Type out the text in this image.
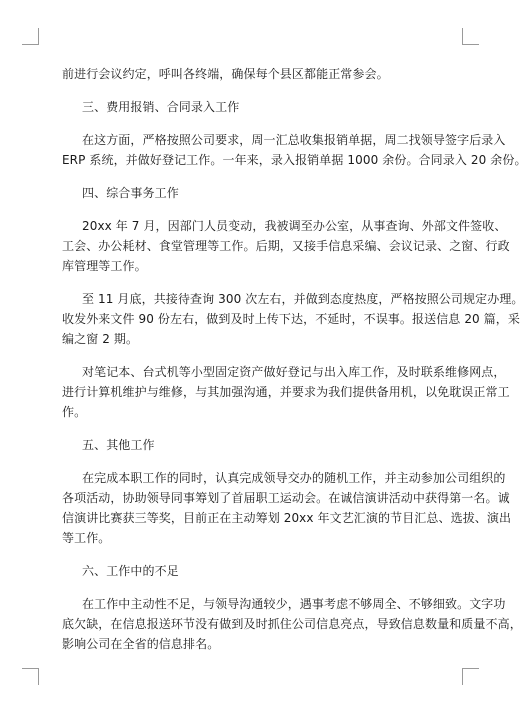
前进行会议约定，呼叫各终端，确保每个县区都能正常参会。
三、费用报销、合同录入工作
在这方面，严格按照公司要求，周一汇总收集报销单据，周二找领导签字后录入
ERP 系统，并做好登记工作。一年来，录入报销单据 1000 余份。合同录入 20 余份。
四、综合事务工作
20xx 年 7 月，因部门人员变动，我被调至办公室，从事查询、外部文件签收、
工会、办公耗材、食堂管理等工作。后期，又接手信息采编、会议记录、之窗、行政
库管理等工作。
至 11 月底，共接待查询 300 次左右，并做到态度热度，严格按照公司规定办理。
收发外来文件 90 份左右，做到及时上传下达，不延时，不误事。报送信息 20 篇，采
编之窗 2 期。
对笔记本、台式机等小型固定资产做好登记与出入库工作，及时联系维修网点，
进行计算机维护与维修，与其加强沟通，并要求为我们提供备用机，以免耽误正常工
作。
五、其他工作
在完成本职工作的同时，认真完成领导交办的随机工作，并主动参加公司组织的
各项活动，协助领导同事筹划了首届职工运动会。在诚信演讲活动中获得第一名。诚
信演讲比赛获三等奖，目前正在主动筹划 20xx 年文艺汇演的节目汇总、选拔、演出
等工作。
六、工作中的不足
在工作中主动性不足，与领导沟通较少，遇事考虑不够周全、不够细致。文字功
底欠缺，在信息报送环节没有做到及时抓住公司信息亮点，导致信息数量和质量不高，
影响公司在全省的信息排名。
